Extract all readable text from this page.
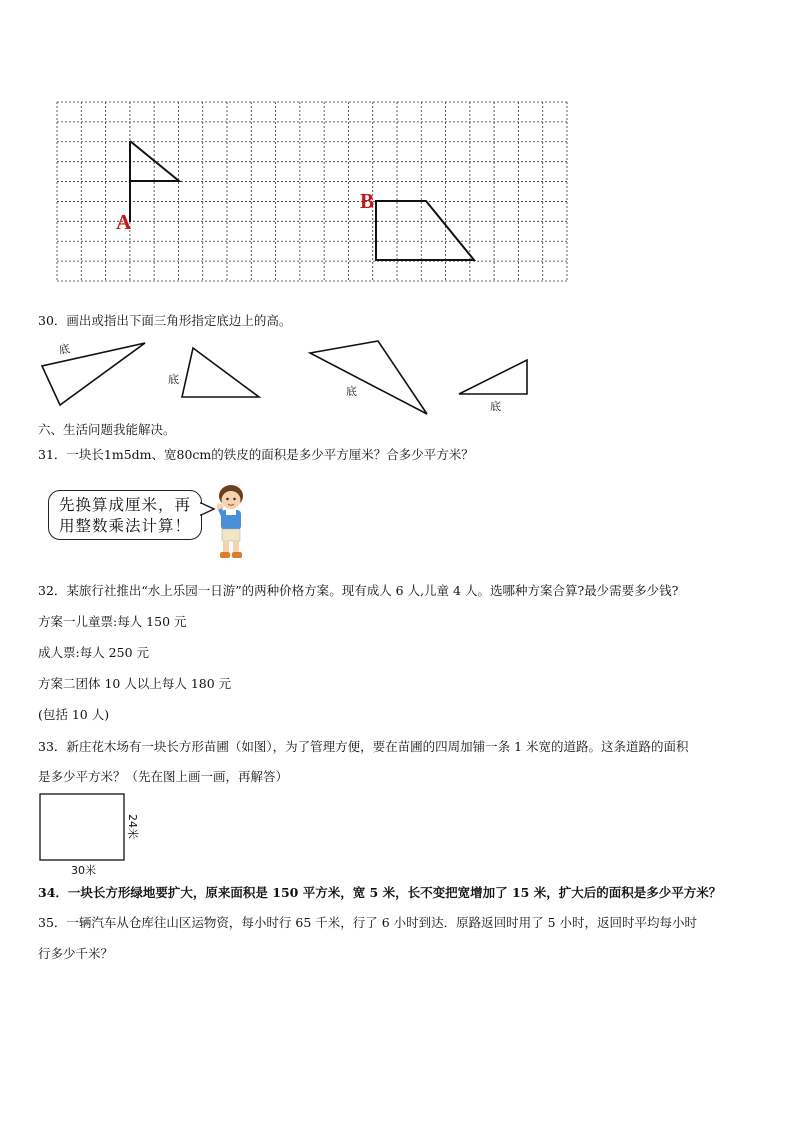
A
B
30．画出或指出下面三角形指定底边上的高。
底
底
底
底
六、生活问题我能解决。
31．一块长1m5dm、宽80cm的铁皮的面积是多少平方厘米？合多少平方米？
先换算成厘米，再
用整数乘法计算！
32．某旅行社推出“水上乐园一日游”的两种价格方案。现有成人 6 人,儿童 4 人。选哪种方案合算?最少需要多少钱?
方案一儿童票:每人 150 元
成人票:每人 250 元
方案二团体 10 人以上每人 180 元
(包括 10 人)
33．新庄花木场有一块长方形苗圃（如图），为了管理方便，要在苗圃的四周加铺一条 1 米宽的道路。这条道路的面积
是多少平方米？（先在图上画一画，再解答）
30米
24米
34．一块长方形绿地要扩大，原来面积是 150 平方米，宽 5 米，长不变把宽增加了 15 米，扩大后的面积是多少平方米？
35．一辆汽车从仓库往山区运物资，每小时行 65 千米，行了 6 小时到达．原路返回时用了 5 小时，返回时平均每小时
行多少千米？
